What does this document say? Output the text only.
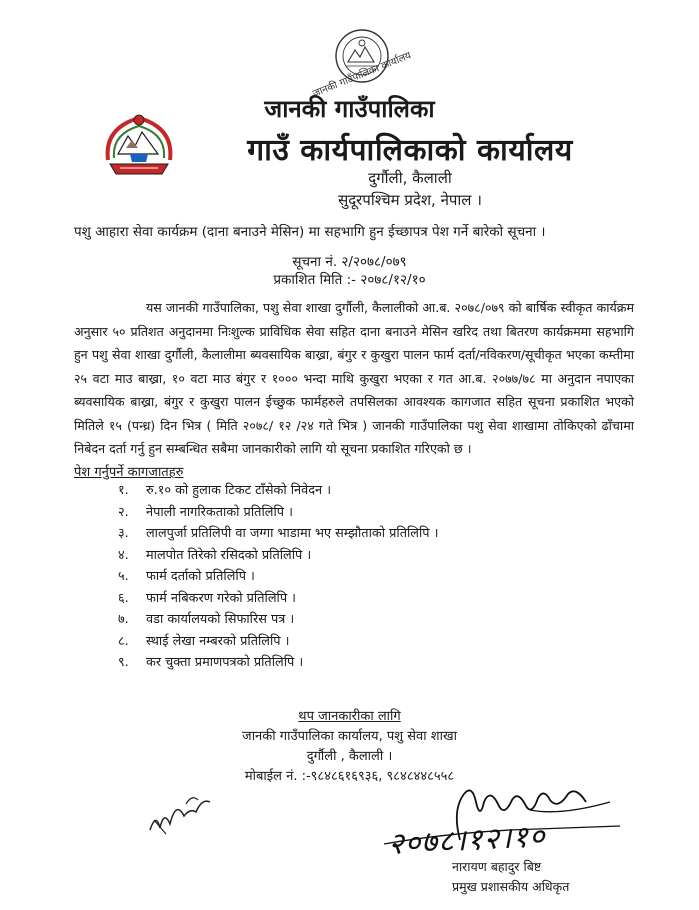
जानकी गाउँपालिका कार्यालय
जानकी गाउँपालिका
गाउँ कार्यपालिकाको कार्यालय
दुर्गौली, कैलाली
सुदूरपश्चिम प्रदेश, नेपाल ।
पशु आहारा सेवा कार्यक्रम (दाना बनाउने मेसिन) मा सहभागि हुन ईच्छापत्र पेश गर्ने बारेको सूचना ।
सूचना नं. २/२०७८/०७९
प्रकाशित मिति :- २०७८/१२/१०
यस जानकी गाउँपालिका, पशु सेवा शाखा दुर्गौली, कैलालीको आ.ब. २०७८/०७९ को बार्षिक स्वीकृत कार्यक्रम अनुसार ५० प्रतिशत अनुदानमा निःशुल्क प्राविधिक सेवा सहित दाना बनाउने मेसिन खरिद तथा बितरण कार्यक्रममा सहभागि हुन पशु सेवा शाखा दुर्गौली, कैलालीमा ब्यवसायिक बाख्रा, बंगुर र कुखुरा पालन फार्म दर्ता/नविकरण/सूचीकृत भएका कम्तीमा २५ वटा माउ बाख्रा, १० वटा माउ बंगुर र १००० भन्दा माथि कुखुरा भएका र गत आ.ब. २०७७/७८ मा अनुदान नपाएका ब्यवसायिक बाख्रा, बंगुर र कुखुरा पालन ईच्छुक फार्महरुले तपसिलका आवश्यक कागजात सहित सूचना प्रकाशित भएको मितिले १५ (पन्ध्र) दिन भित्र ( मिति २०७८/ १२ /२४ गते भित्र ) जानकी गाउँपालिका पशु सेवा शाखामा तोकिएको ढाँचामा निबेदन दर्ता गर्नु हुन सम्बन्धित सबैमा जानकारीको लागि यो सूचना प्रकाशित गरिएको छ ।
पेश गर्नुपर्ने कागजातहरु
१. रु.१० को हुलाक टिकट टाँसेको निवेदन ।
२. नेपाली नागरिकताको प्रतिलिपि ।
३. लालपुर्जा प्रतिलिपी वा जग्गा भाडामा भए सम्झौताको प्रतिलिपि ।
४. मालपोत तिरेको रसिदको प्रतिलिपि ।
५. फार्म दर्ताको प्रतिलिपि ।
६. फार्म नबिकरण गरेको प्रतिलिपि ।
७. वडा कार्यालयको सिफारिस पत्र ।
८. स्थाई लेखा नम्बरको प्रतिलिपि ।
९. कर चुक्ता प्रमाणपत्रको प्रतिलिपि ।
थप जानकारीका लागि
जानकी गाउँपालिका कार्यालय, पशु सेवा शाखा
दुर्गौली , कैलाली ।
मोबाईल नं. :-९८४८६१६९३६, ९८४८४४८५५८
२०७८।१२।१०
नारायण बहादुर बिष्ट
प्रमुख प्रशासकीय अधिकृत
